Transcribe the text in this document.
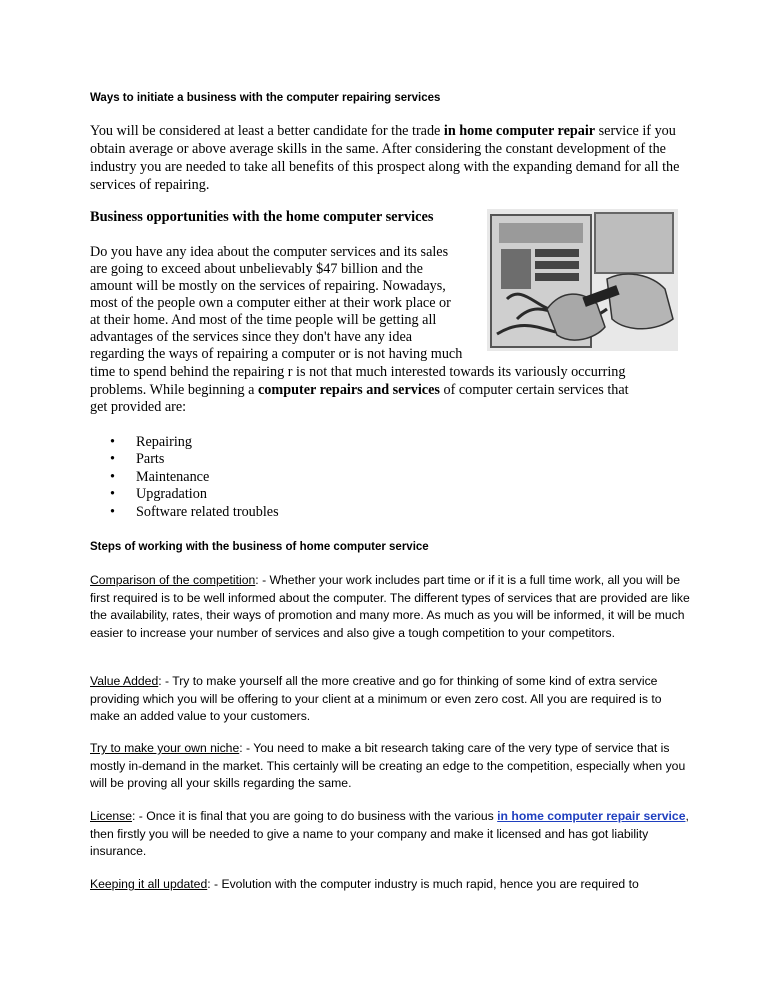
Ways to initiate a business with the computer repairing services
You will be considered at least a better candidate for the trade in home computer repair service if you obtain average or above average skills in the same. After considering the constant development of the industry you are needed to take all benefits of this prospect along with the expanding demand for all the services of repairing.
Business opportunities with the home computer services
Do you have any idea about the computer services and its sales
are going to exceed about unbelievably $47 billion and the
amount will be mostly on the services of repairing. Nowadays,
most of the people own a computer either at their work place or
at their home. And most of the time people will be getting all
advantages of the services since they don't have any idea
regarding the ways of repairing a computer or is not having much
time to spend behind the repairing r is not that much interested towards its variously occurring
problems. While beginning a computer repairs and services of computer certain services that
get provided are:
• Repairing
• Parts
• Maintenance
• Upgradation
• Software related troubles
Steps of working with the business of home computer service
Comparison of the competition: - Whether your work includes part time or if it is a full time work, all you will be first required is to be well informed about the computer. The different types of services that are provided are like the availability, rates, their ways of promotion and many more. As much as you will be informed, it will be much easier to increase your number of services and also give a tough competition to your competitors.
Value Added: - Try to make yourself all the more creative and go for thinking of some kind of extra service providing which you will be offering to your client at a minimum or even zero cost. All you are required is to make an added value to your customers.
Try to make your own niche: - You need to make a bit research taking care of the very type of service that is mostly in-demand in the market. This certainly will be creating an edge to the competition, especially when you will be proving all your skills regarding the same.
License: - Once it is final that you are going to do business with the various in home computer repair service, then firstly you will be needed to give a name to your company and make it licensed and has got liability insurance.
Keeping it all updated: - Evolution with the computer industry is much rapid, hence you are required to
